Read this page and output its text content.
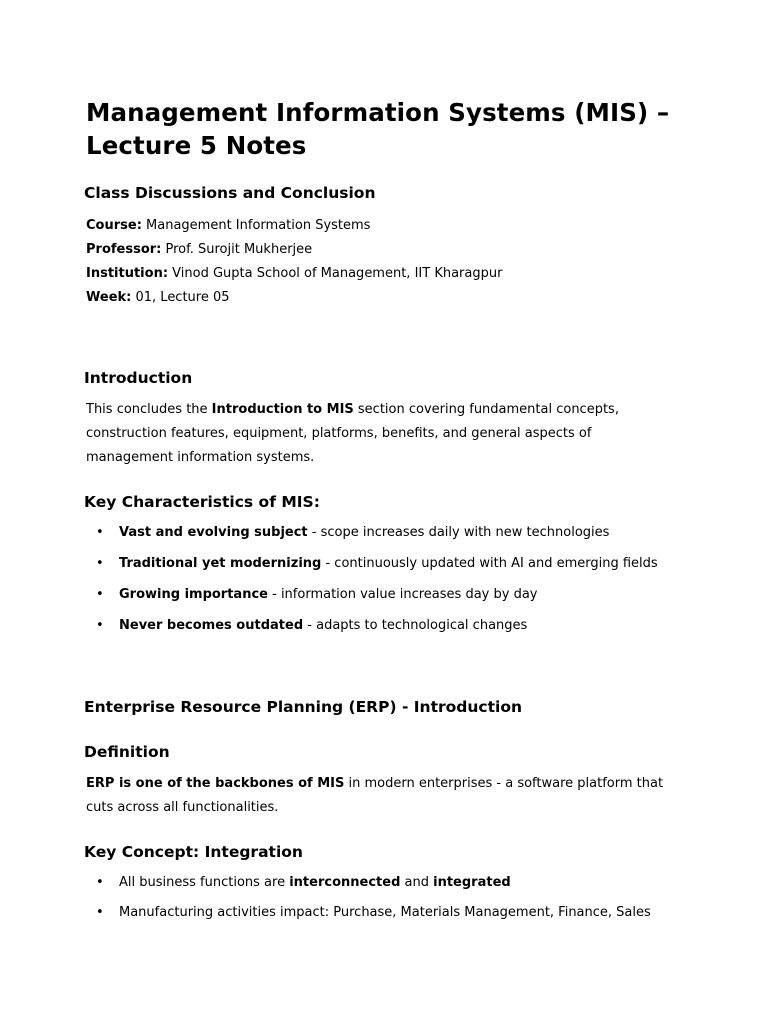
Management Information Systems (MIS) –
Lecture 5 Notes
Class Discussions and Conclusion
Course: Management Information Systems
Professor: Prof. Surojit Mukherjee
Institution: Vinod Gupta School of Management, IIT Kharagpur
Week: 01, Lecture 05
Introduction

This concludes the Introduction to MIS section covering fundamental concepts,
construction features, equipment, platforms, benefits, and general aspects of
management information systems.

Key Characteristics of MIS:
• Vast and evolving subject - scope increases daily with new technologies
• Traditional yet modernizing - continuously updated with AI and emerging fields
• Growing importance - information value increases day by day
• Never becomes outdated - adapts to technological changes
Enterprise Resource Planning (ERP) - Introduction
Definition

ERP is one of the backbones of MIS in modern enterprises - a software platform that
cuts across all functionalities.

Key Concept: Integration
• All business functions are interconnected and integrated
• Manufacturing activities impact: Purchase, Materials Management, Finance, Sales
